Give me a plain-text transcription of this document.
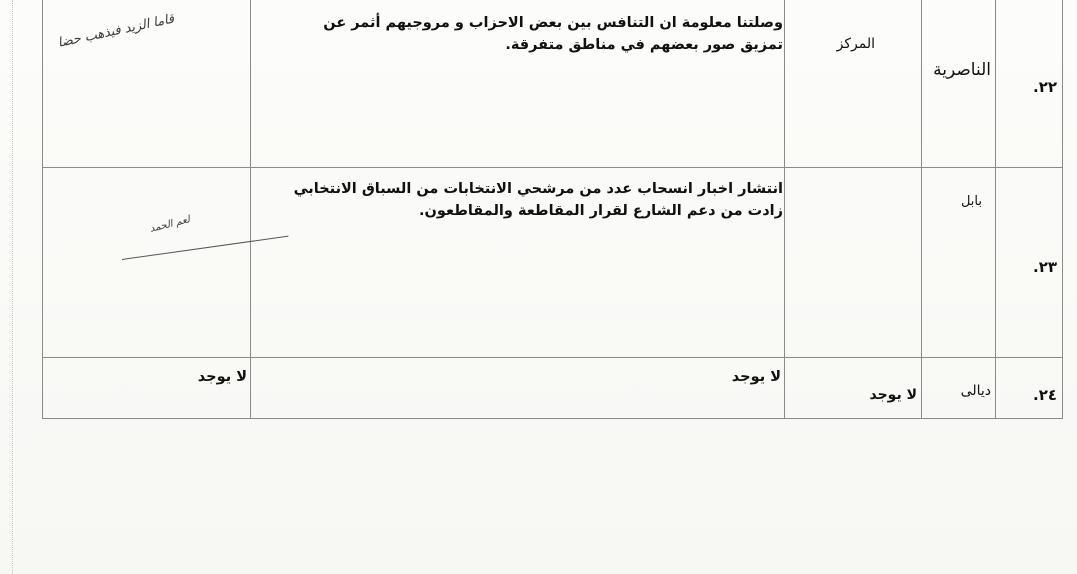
٢٢.
الناصرية
المركز
وصلتنا معلومة ان التنافس بين بعض الاحزاب و مروجيهم أثمر عن
تمزيق صور بعضهم في مناطق متفرقة.
قاما الزيد فيذهب حضا
٢٣.
بابل
انتشار اخبار انسحاب عدد من مرشحي الانتخابات من السباق الانتخابي
زادت من دعم الشارع لقرار المقاطعة والمقاطعون.
لعم الحمد
٢٤.
ديالى
لا يوجد
لا يوجد
لا يوجد
